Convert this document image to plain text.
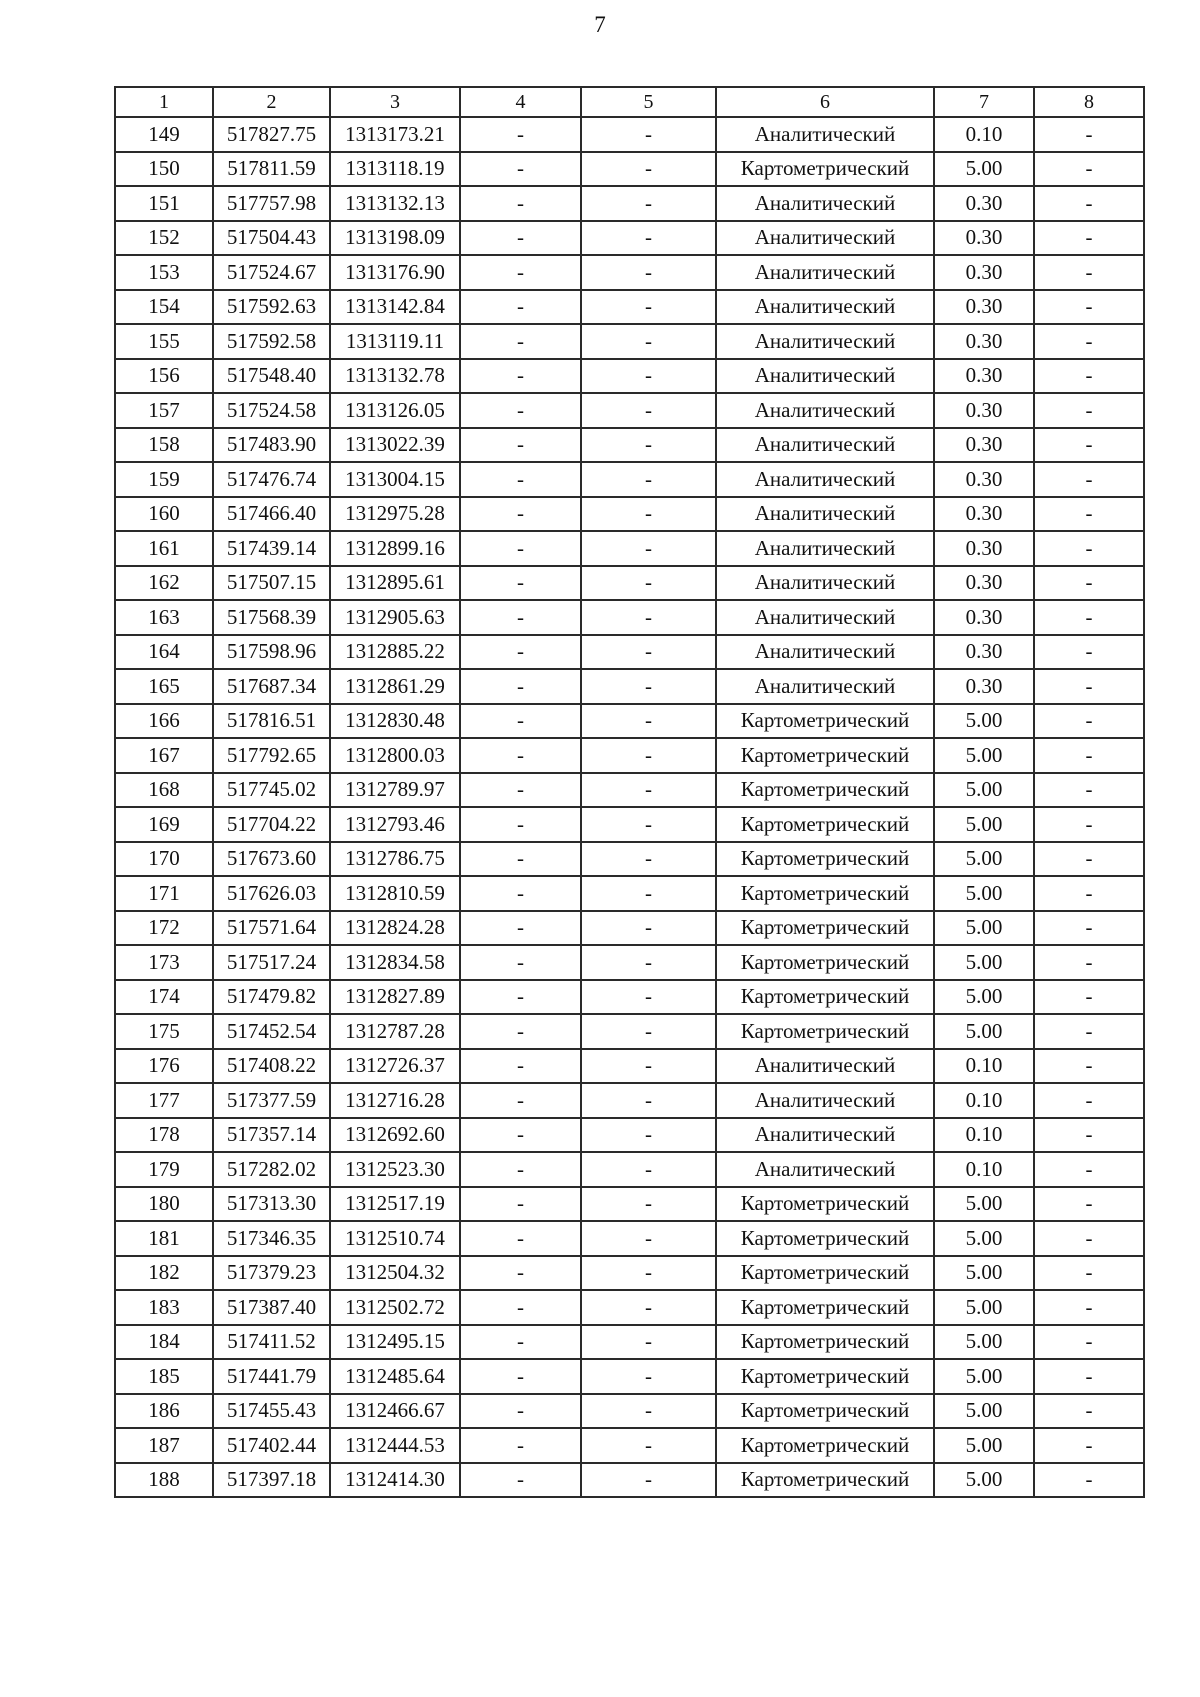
7
1	2	3	4	5	6	7	8
149	517827.75	1313173.21	-	-	Аналитический	0.10	-
150	517811.59	1313118.19	-	-	Картометрический	5.00	-
151	517757.98	1313132.13	-	-	Аналитический	0.30	-
152	517504.43	1313198.09	-	-	Аналитический	0.30	-
153	517524.67	1313176.90	-	-	Аналитический	0.30	-
154	517592.63	1313142.84	-	-	Аналитический	0.30	-
155	517592.58	1313119.11	-	-	Аналитический	0.30	-
156	517548.40	1313132.78	-	-	Аналитический	0.30	-
157	517524.58	1313126.05	-	-	Аналитический	0.30	-
158	517483.90	1313022.39	-	-	Аналитический	0.30	-
159	517476.74	1313004.15	-	-	Аналитический	0.30	-
160	517466.40	1312975.28	-	-	Аналитический	0.30	-
161	517439.14	1312899.16	-	-	Аналитический	0.30	-
162	517507.15	1312895.61	-	-	Аналитический	0.30	-
163	517568.39	1312905.63	-	-	Аналитический	0.30	-
164	517598.96	1312885.22	-	-	Аналитический	0.30	-
165	517687.34	1312861.29	-	-	Аналитический	0.30	-
166	517816.51	1312830.48	-	-	Картометрический	5.00	-
167	517792.65	1312800.03	-	-	Картометрический	5.00	-
168	517745.02	1312789.97	-	-	Картометрический	5.00	-
169	517704.22	1312793.46	-	-	Картометрический	5.00	-
170	517673.60	1312786.75	-	-	Картометрический	5.00	-
171	517626.03	1312810.59	-	-	Картометрический	5.00	-
172	517571.64	1312824.28	-	-	Картометрический	5.00	-
173	517517.24	1312834.58	-	-	Картометрический	5.00	-
174	517479.82	1312827.89	-	-	Картометрический	5.00	-
175	517452.54	1312787.28	-	-	Картометрический	5.00	-
176	517408.22	1312726.37	-	-	Аналитический	0.10	-
177	517377.59	1312716.28	-	-	Аналитический	0.10	-
178	517357.14	1312692.60	-	-	Аналитический	0.10	-
179	517282.02	1312523.30	-	-	Аналитический	0.10	-
180	517313.30	1312517.19	-	-	Картометрический	5.00	-
181	517346.35	1312510.74	-	-	Картометрический	5.00	-
182	517379.23	1312504.32	-	-	Картометрический	5.00	-
183	517387.40	1312502.72	-	-	Картометрический	5.00	-
184	517411.52	1312495.15	-	-	Картометрический	5.00	-
185	517441.79	1312485.64	-	-	Картометрический	5.00	-
186	517455.43	1312466.67	-	-	Картометрический	5.00	-
187	517402.44	1312444.53	-	-	Картометрический	5.00	-
188	517397.18	1312414.30	-	-	Картометрический	5.00	-
